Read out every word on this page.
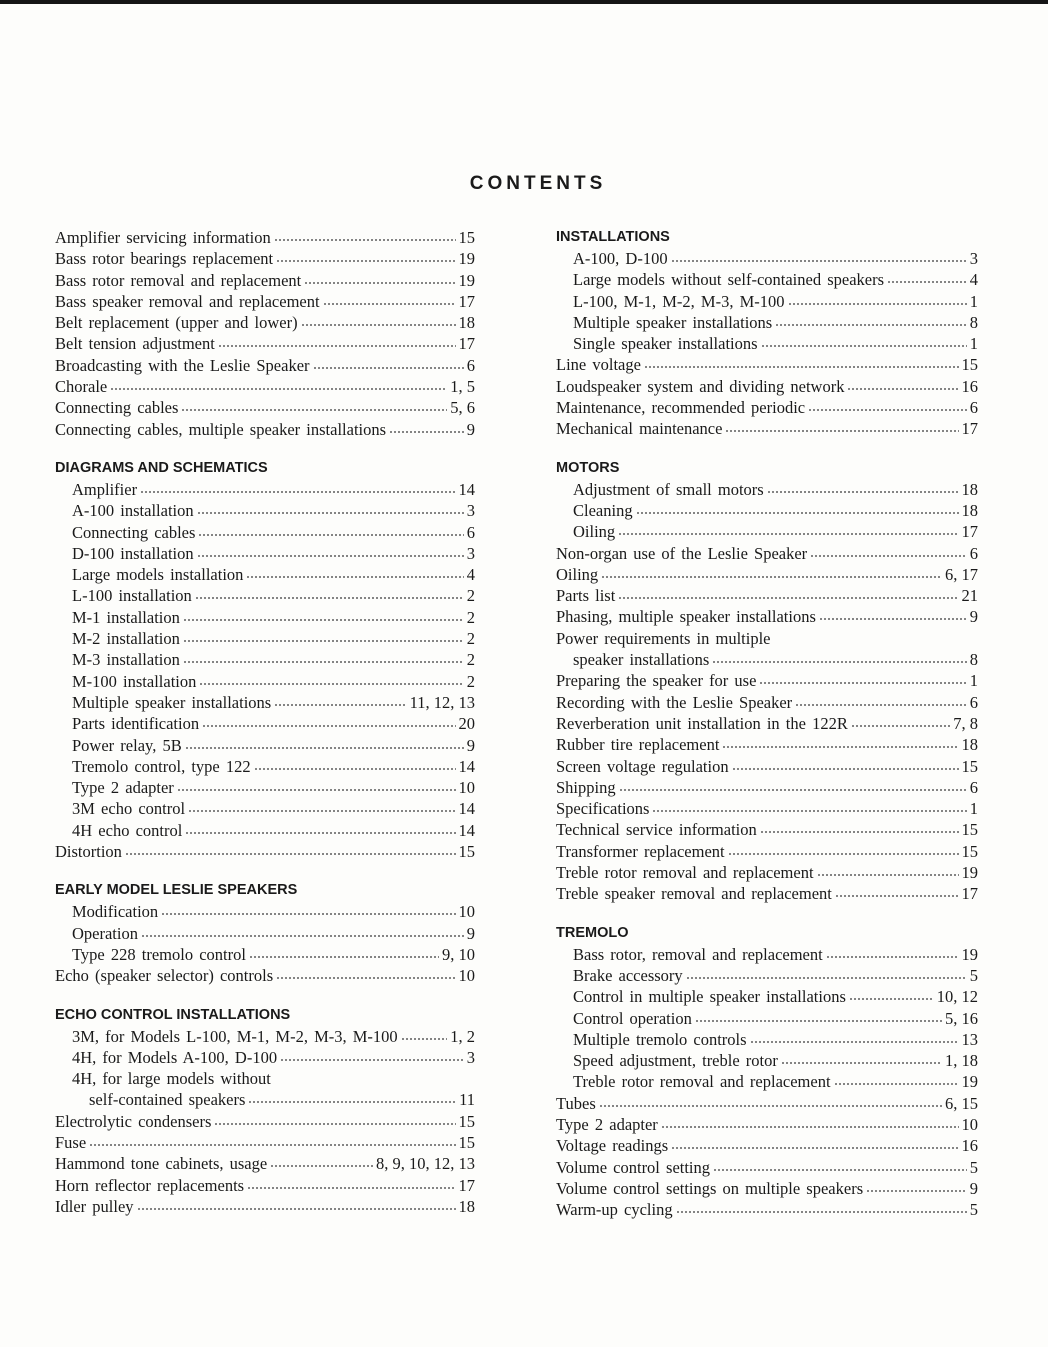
CONTENTS
Amplifier servicing information	15
Bass rotor bearings replacement	19
Bass rotor removal and replacement	19
Bass speaker removal and replacement	17
Belt replacement (upper and lower)	18
Belt tension adjustment	17
Broadcasting with the Leslie Speaker	6
Chorale	1, 5
Connecting cables	5, 6
Connecting cables, multiple speaker installations	9
DIAGRAMS AND SCHEMATICS
Amplifier	14
A-100 installation	3
Connecting cables	6
D-100 installation	3
Large models installation	4
L-100 installation	2
M-1 installation	2
M-2 installation	2
M-3 installation	2
M-100 installation	2
Multiple speaker installations	11, 12, 13
Parts identification	20
Power relay, 5B	9
Tremolo control, type 122	14
Type 2 adapter	10
3M echo control	14
4H echo control	14
Distortion	15
EARLY MODEL LESLIE SPEAKERS
Modification	10
Operation	9
Type 228 tremolo control	9, 10
Echo (speaker selector) controls	10
ECHO CONTROL INSTALLATIONS
3M, for Models L-100, M-1, M-2, M-3, M-100	1, 2
4H, for Models A-100, D-100	3
4H, for large models without
self-contained speakers	11
Electrolytic condensers	15
Fuse	15
Hammond tone cabinets, usage	8, 9, 10, 12, 13
Horn reflector replacements	17
Idler pulley	18
INSTALLATIONS
A-100, D-100	3
Large models without self-contained speakers	4
L-100, M-1, M-2, M-3, M-100	1
Multiple speaker installations	8
Single speaker installations	1
Line voltage	15
Loudspeaker system and dividing network	16
Maintenance, recommended periodic	6
Mechanical maintenance	17
MOTORS
Adjustment of small motors	18
Cleaning	18
Oiling	17
Non-organ use of the Leslie Speaker	6
Oiling	6, 17
Parts list	21
Phasing, multiple speaker installations	9
Power requirements in multiple
speaker installations	8
Preparing the speaker for use	1
Recording with the Leslie Speaker	6
Reverberation unit installation in the 122R	7, 8
Rubber tire replacement	18
Screen voltage regulation	15
Shipping	6
Specifications	1
Technical service information	15
Transformer replacement	15
Treble rotor removal and replacement	19
Treble speaker removal and replacement	17
TREMOLO
Bass rotor, removal and replacement	19
Brake accessory	5
Control in multiple speaker installations	10, 12
Control operation	5, 16
Multiple tremolo controls	13
Speed adjustment, treble rotor	1, 18
Treble rotor removal and replacement	19
Tubes	6, 15
Type 2 adapter	10
Voltage readings	16
Volume control setting	5
Volume control settings on multiple speakers	9
Warm-up cycling	5
